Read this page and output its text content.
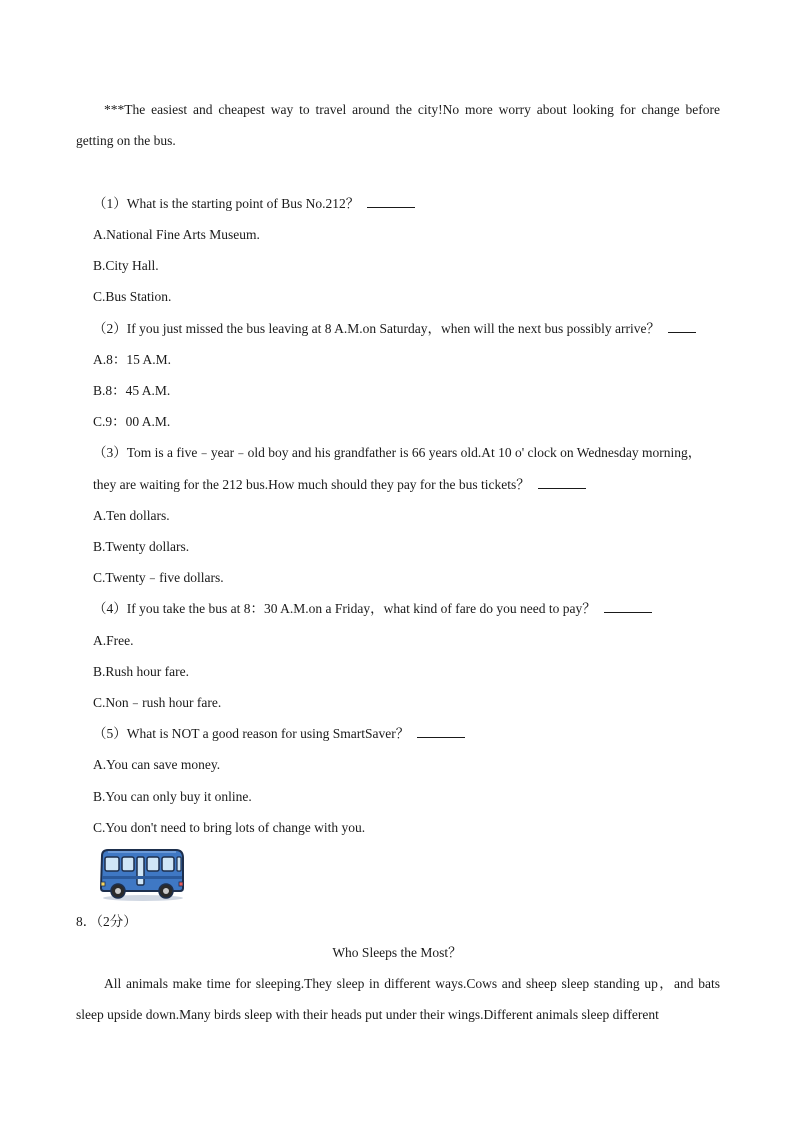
***The easiest and cheapest way to travel around the city!No more worry about looking for change before getting on the bus.

（1）What is the starting point of Bus No.212？

A.National Fine Arts Museum.

B.City Hall.

C.Bus Station.

（2）If you just missed the bus leaving at 8 A.M.on Saturday，when will the next bus possibly arrive？

A.8：15 A.M.

B.8：45 A.M.

C.9：00 A.M.

（3）Tom is a five﹣year﹣old boy and his grandfather is 66 years old.At 10 o' clock on Wednesday morning，

they are waiting for the 212 bus.How much should they pay for the bus tickets？

A.Ten dollars.

B.Twenty dollars.

C.Twenty﹣five dollars.

（4）If you take the bus at 8：30 A.M.on a Friday，what kind of fare do you need to pay？

A.Free.

B.Rush hour fare.

C.Non﹣rush hour fare.

（5）What is NOT a good reason for using SmartSaver？

A.You can save money.

B.You can only buy it online.

C.You don't need to bring lots of change with you.

8．（2分）

Who Sleeps the Most？

All animals make time for sleeping.They sleep in different ways.Cows and sheep sleep standing up，and bats sleep upside down.Many birds sleep with their heads put under their wings.Different animals sleep different
